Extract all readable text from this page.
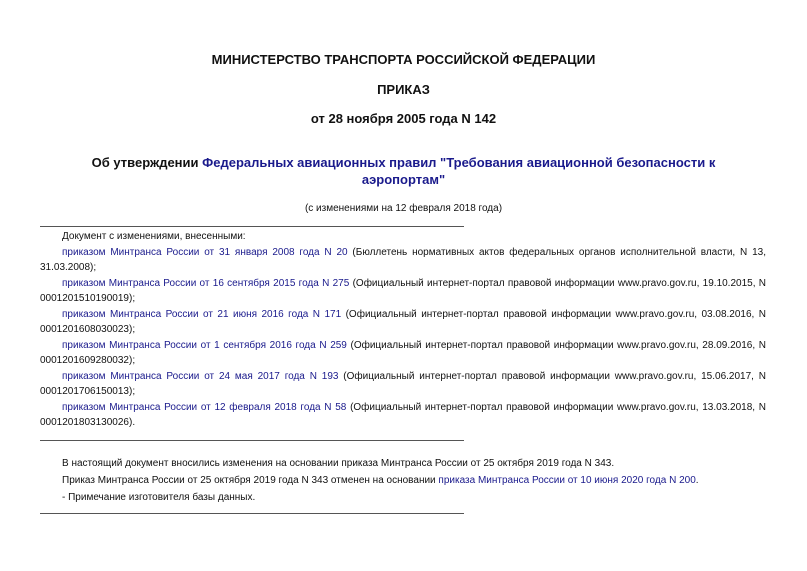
МИНИСТЕРСТВО ТРАНСПОРТА РОССИЙСКОЙ ФЕДЕРАЦИИ
ПРИКАЗ
от 28 ноября 2005 года N 142
Об утверждении Федеральных авиационных правил "Требования авиационной безопасности к
аэропортам"
(с изменениями на 12 февраля 2018 года)
Документ с изменениями, внесенными:
приказом Минтранса России от 31 января 2008 года N 20 (Бюллетень нормативных актов федеральных органов исполнительной власти, N 13, 31.03.2008);
приказом Минтранса России от 16 сентября 2015 года N 275 (Официальный интернет-портал правовой информации www.pravo.gov.ru, 19.10.2015, N 0001201510190019);
приказом Минтранса России от 21 июня 2016 года N 171 (Официальный интернет-портал правовой информации www.pravo.gov.ru, 03.08.2016, N 0001201608030023);
приказом Минтранса России от 1 сентября 2016 года N 259 (Официальный интернет-портал правовой информации www.pravo.gov.ru, 28.09.2016, N 0001201609280032);
приказом Минтранса России от 24 мая 2017 года N 193 (Официальный интернет-портал правовой информации www.pravo.gov.ru, 15.06.2017, N 0001201706150013);
приказом Минтранса России от 12 февраля 2018 года N 58 (Официальный интернет-портал правовой информации www.pravo.gov.ru, 13.03.2018, N 0001201803130026).
В настоящий документ вносились изменения на основании приказа Минтранса России от 25 октября 2019 года N 343.
Приказ Минтранса России от 25 октября 2019 года N 343 отменен на основании приказа Минтранса России от 10 июня 2020 года N 200.
- Примечание изготовителя базы данных.
